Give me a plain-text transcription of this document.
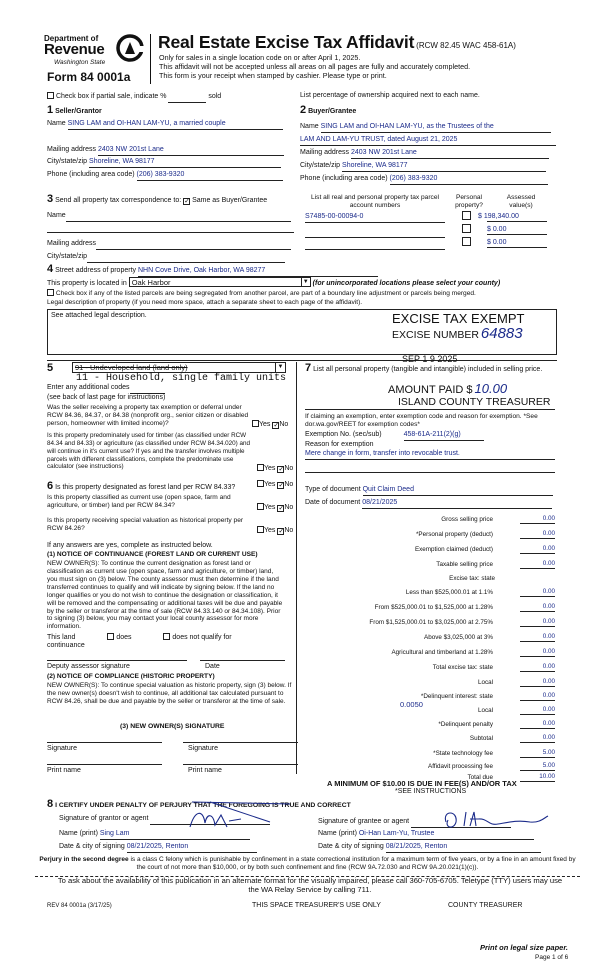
Department of
Revenue
Washington State
Form 84 0001a
Real Estate Excise Tax Affidavit (RCW 82.45 WAC 458-61A)
Only for sales in a single location code on or after April 1, 2025.
This affidavit will not be accepted unless all areas on all pages are fully and accurately completed.
This form is your receipt when stamped by cashier. Please type or print.
Check box if partial sale, indicate %	sold	List percentage of ownership acquired next to each name.
1 Seller/Grantor
Name SING LAM and OI-HAN LAM-YU, a married couple
Mailing address 2403 NW 201st Lane
City/state/zip Shoreline, WA 98177
Phone (including area code) (206) 383-9320
2 Buyer/Grantee
Name SING LAM and OI-HAN LAM-YU, as the Trustees of the
LAM AND LAM-YU TRUST, dated August 21, 2025
Mailing address 2403 NW 201st Lane
City/state/zip Shoreline, WA 98177
Phone (including area code) (206) 383-9320
3 Send all property tax correspondence to: ✓ Same as Buyer/Grantee
Name
Mailing address
City/state/zip
List all real and personal property tax parcel account numbers
Personal property?
Assessed value(s)
S7485-00-00094-0	$ 198,340.00
$ 0.00
$ 0.00
4 Street address of property NHN Cove Drive, Oak Harbor, WA 98277
This property is located in Oak Harbor	▼ (for unincorporated locations please select your county)
Check box if any of the listed parcels are being segregated from another parcel, are part of a boundary line adjustment or parcels being merged.
Legal description of property (if you need more space, attach a separate sheet to each page of the affidavit).
See attached legal description.	EXCISE TAX EXEMPT
EXCISE NUMBER 64883
5	91 - Undeveloped land (land only)	▼
11 - Household, single family units
Enter any additional codes
(see back of last page for instructions)
Was the seller receiving a property tax exemption or deferral under RCW 84.36, 84.37, or 84.38 (nonprofit org., senior citizen or disabled person, homeowner with limited income)?	Yes ✓ No
Is this property predominately used for timber (as classified under RCW 84.34 and 84.33) or agriculture (as classified under RCW 84.34.020) and will continue in it's current use? If yes and the transfer involves multiple parcels with different classifications, complete the predominate use calculator (see instructions)	Yes ✓ No
6 Is this property designated as forest land per RCW 84.33?	Yes ✓ No
Is this property classified as current use (open space, farm and agriculture, or timber) land per RCW 84.34?	Yes ✓ No
Is this property receiving special valuation as historical property per RCW 84.26?	Yes ✓ No
If any answers are yes, complete as instructed below.
(1) NOTICE OF CONTINUANCE (FOREST LAND OR CURRENT USE)
NEW OWNER(S): To continue the current designation as forest land or classification as current use (open space, farm and agriculture, or timber) land, you must sign on (3) below. The county assessor must then determine if the land transferred continues to qualify and will indicate by signing below. If the land no longer qualifies or you do not wish to continue the designation or classification, it will be removed and the compensating or additional taxes will be due and payable by the seller or transferor at the time of sale (RCW 84.33.140 or 84.34.108). Prior to signing (3) below, you may contact your local county assessor for more information.
This land	does	does not qualify for
continuance
Deputy assessor signature	Date
(2) NOTICE OF COMPLIANCE (HISTORIC PROPERTY)
NEW OWNER(S): To continue special valuation as historic property, sign (3) below. If the new owner(s) doesn't wish to continue, all additional tax calculated pursuant to RCW 84.26, shall be due and payable by the seller or transferor at the time of sale.
(3) NEW OWNER(S) SIGNATURE
Signature	Signature
Print name	Print name
7 List all personal property (tangible and intangible) included in selling price.
SEP 1 9 2025
AMOUNT PAID $ 10.00
ISLAND COUNTY TREASURER
If claiming an exemption, enter exemption code and reason for exemption. *See dor.wa.gov/REET for exemption codes*
Exemption No. (sec/sub)	458-61A-211(2)(g)
Reason for exemption
Mere change in form, transfer into revocable trust.
Type of document Quit Claim Deed
Date of document 08/21/2025
Gross selling price	0.00
*Personal property (deduct)	0.00
Exemption claimed (deduct)	0.00
Taxable selling price	0.00
Excise tax: state
Less than $525,000.01 at 1.1%	0.00
From $525,000.01 to $1,525,000 at 1.28%	0.00
From $1,525,000.01 to $3,025,000 at 2.75%	0.00
Above $3,025,000 at 3%	0.00
Agricultural and timberland at 1.28%	0.00
Total excise tax: state	0.00
Local	0.00
*Delinquent interest: state	0.00
Local	0.00
*Delinquent penalty	0.00
Subtotal	0.00
*State technology fee	5.00
Affidavit processing fee	5.00
Total due	10.00
0.0050
A MINIMUM OF $10.00 IS DUE IN FEE(S) AND/OR TAX
*SEE INSTRUCTIONS
8 I CERTIFY UNDER PENALTY OF PERJURY THAT THE FOREGOING IS TRUE AND CORRECT
Signature of grantor or agent
Name (print) Sing Lam
Date & city of signing 08/21/2025, Renton
Signature of grantee or agent
Name (print) Oi-Han Lam-Yu, Trustee
Date & city of signing 08/21/2025, Renton
Perjury in the second degree is a class C felony which is punishable by confinement in a state correctional institution for a maximum term of five years, or by a fine in an amount fixed by the court of not more than $10,000, or by both such confinement and fine (RCW 9A.72.030 and RCW 9A.20.021(1)(c)).
To ask about the availability of this publication in an alternate format for the visually impaired, please call 360-705-6705. Teletype (TTY) users may use the WA Relay Service by calling 711.
REV 84 0001a (3/17/25)	THIS SPACE TREASURER'S USE ONLY	COUNTY TREASURER
Print on legal size paper.
Page 1 of 6
